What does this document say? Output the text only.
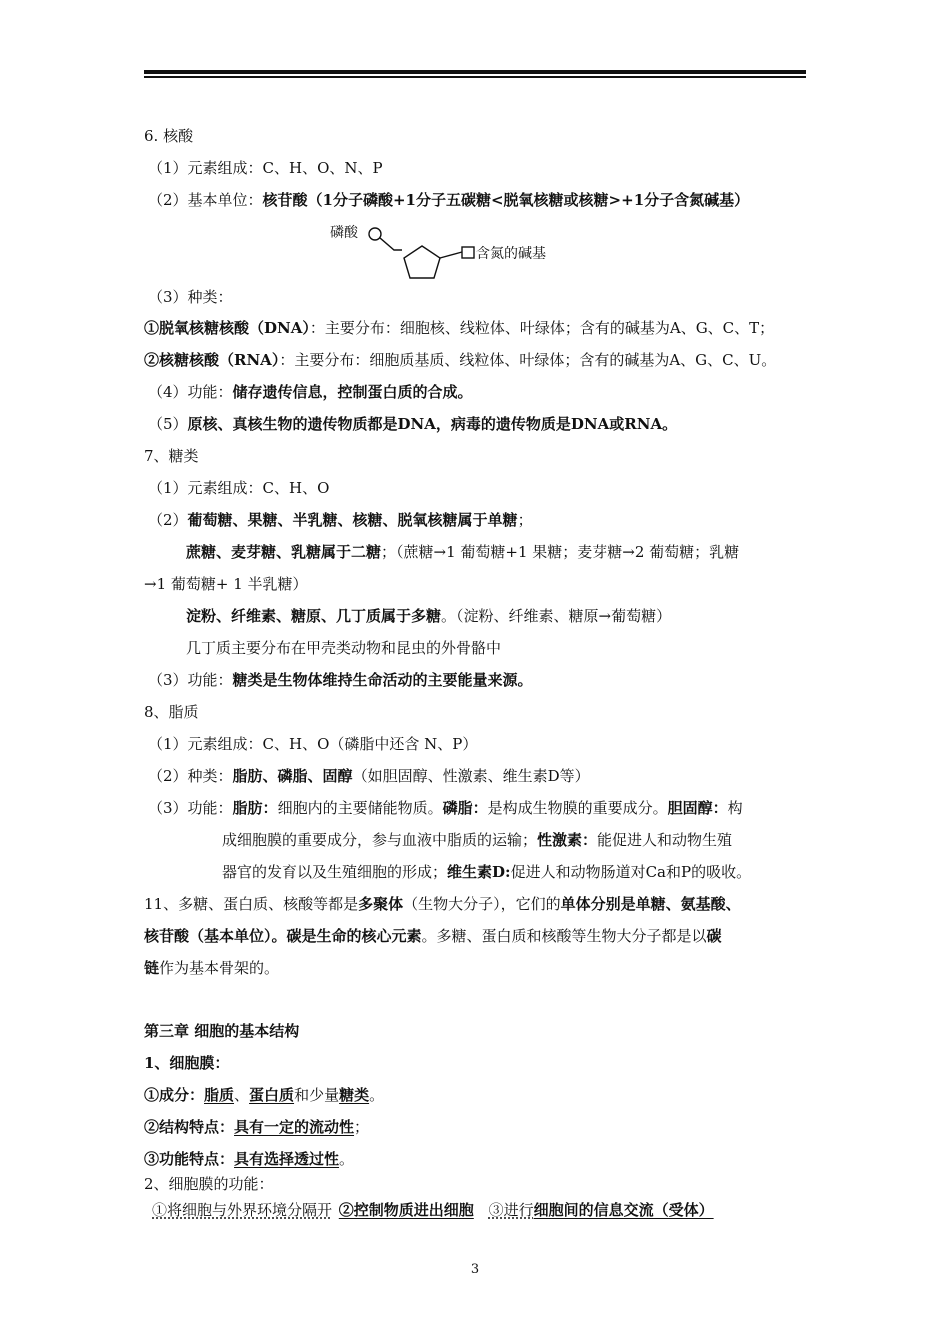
6. 核酸
（1）元素组成：C、H、O、N、P
（2）基本单位：核苷酸（1分子磷酸+1分子五碳糖<脱氧核糖或核糖>+1分子含氮碱基）
磷酸
含氮的碱基
（3）种类：
①脱氧核糖核酸（DNA）：主要分布：细胞核、线粒体、叶绿体；含有的碱基为A、G、C、T；
②核糖核酸（RNA）：主要分布：细胞质基质、线粒体、叶绿体；含有的碱基为A、G、C、U。
（4）功能：储存遗传信息，控制蛋白质的合成。
（5）原核、真核生物的遗传物质都是DNA，病毒的遗传物质是DNA或RNA。
7、糖类
（1）元素组成：C、H、O
（2）葡萄糖、果糖、半乳糖、核糖、脱氧核糖属于单糖；
蔗糖、麦芽糖、乳糖属于二糖；（蔗糖→1 葡萄糖+1 果糖；麦芽糖→2 葡萄糖；乳糖
→1 葡萄糖+ 1 半乳糖）
淀粉、纤维素、糖原、几丁质属于多糖。（淀粉、纤维素、糖原→葡萄糖）
几丁质主要分布在甲壳类动物和昆虫的外骨骼中
（3）功能：糖类是生物体维持生命活动的主要能量来源。
8、脂质
（1）元素组成：C、H、O（磷脂中还含 N、P）
（2）种类：脂肪、磷脂、固醇（如胆固醇、性激素、维生素D等）
（3）功能：脂肪：细胞内的主要储能物质。磷脂：是构成生物膜的重要成分。胆固醇：构
成细胞膜的重要成分，参与血液中脂质的运输；性激素：能促进人和动物生殖
器官的发育以及生殖细胞的形成；维生素D:促进人和动物肠道对Ca和P的吸收。
11、多糖、蛋白质、核酸等都是多聚体（生物大分子），它们的单体分别是单糖、氨基酸、
核苷酸（基本单位）。碳是生命的核心元素。多糖、蛋白质和核酸等生物大分子都是以碳
链作为基本骨架的。
第三章 细胞的基本结构
1、细胞膜：
①成分：脂质、蛋白质和少量糖类。
②结构特点：具有一定的流动性；
③功能特点：具有选择透过性。
2、细胞膜的功能：
①将细胞与外界环境分隔开 ②控制物质进出细胞 ③进行细胞间的信息交流（受体）
3
